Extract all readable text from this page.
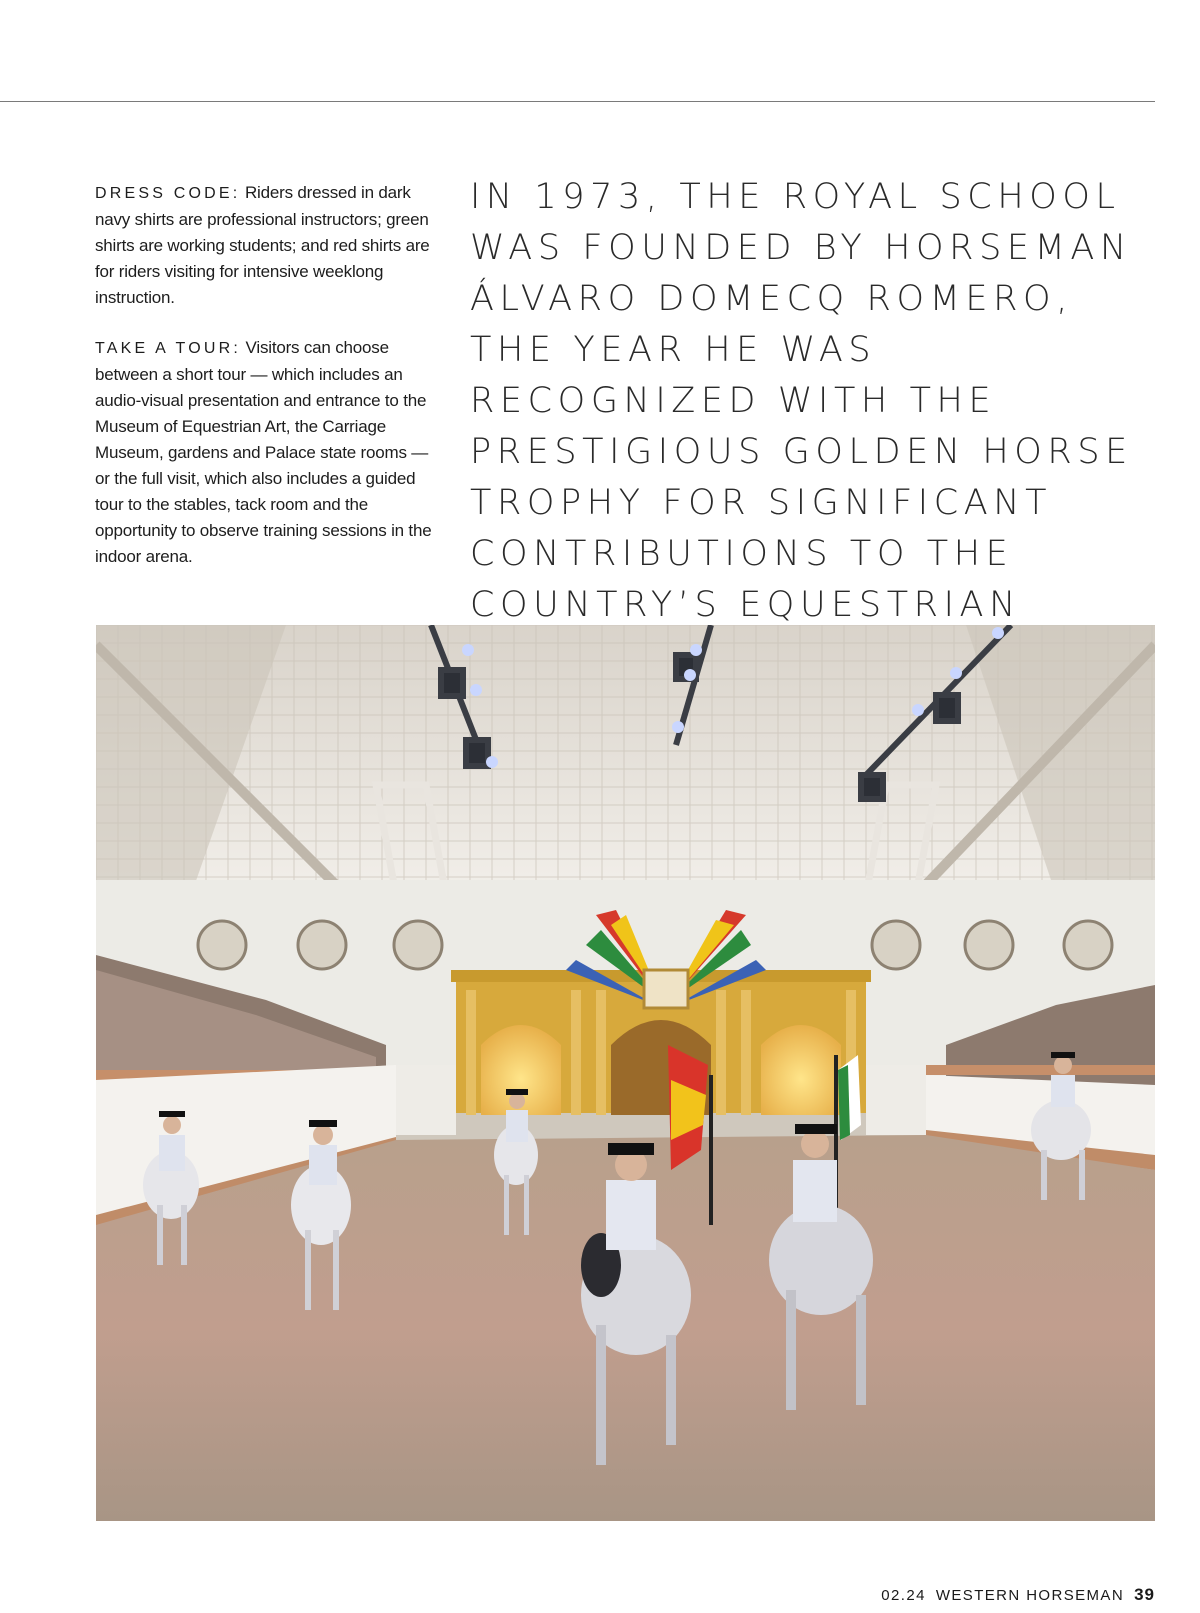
DRESS CODE: Riders dressed in dark navy shirts are professional instructors; green shirts are working students; and red shirts are for riders visiting for intensive weeklong instruction.

TAKE A TOUR: Visitors can choose between a short tour — which includes an audio-visual presentation and entrance to the Museum of Equestrian Art, the Carriage Museum, gardens and Palace state rooms — or the full visit, which also includes a guided tour to the stables, tack room and the opportunity to observe training sessions in the indoor arena.

IN 1973, THE ROYAL SCHOOL WAS FOUNDED BY HORSEMAN ÁLVARO DOMECQ ROMERO, THE YEAR HE WAS RECOGNIZED WITH THE PRESTIGIOUS GOLDEN HORSE TROPHY FOR SIGNIFICANT CONTRIBUTIONS TO THE COUNTRY’S EQUESTRIAN

02.24 WESTERN HORSEMAN 39
